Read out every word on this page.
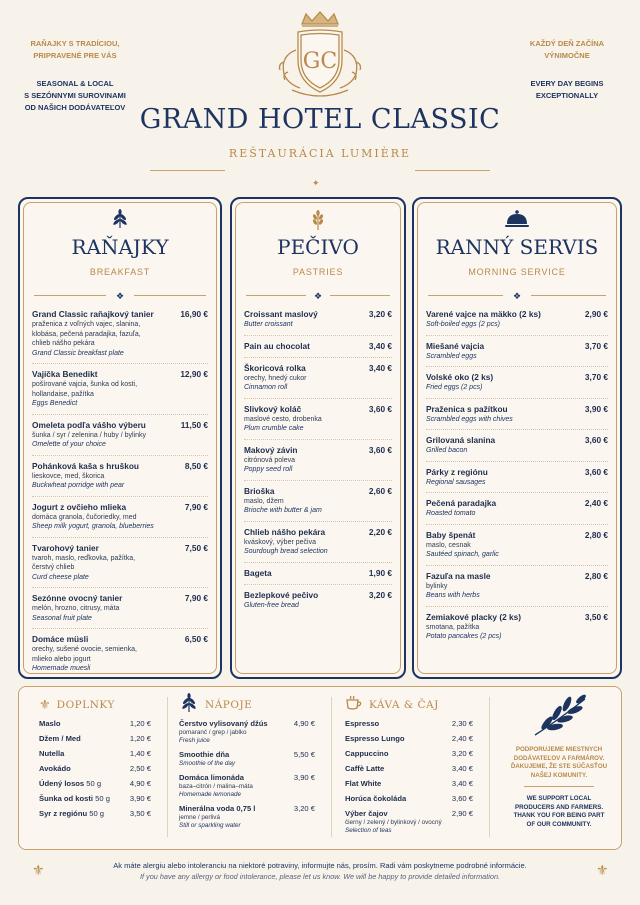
RAŇAJKY S TRADÍCIOU,
PRIPRAVENÉ PRE VÁS
SEASONAL & LOCAL
S SEZÓNNYMI SUROVINAMI
OD NAŠICH DODÁVATEĽOV
KAŽDÝ DEŇ ZAČÍNA
VÝNIMOČNE
EVERY DAY BEGINS
EXCEPTIONALLY
GC
GRAND HOTEL CLASSIC
REŠTAURÁCIA LUMIÈRE
✦
RAŇAJKY
BREAKFAST
❖
Grand Classic raňajkový tanier	16,90 €
praženica z voľných vajec, slanina,
klobása, pečená paradajka, fazuľa,
chlieb nášho pekára
Grand Classic breakfast plate
Vajíčka Benedikt	12,90 €
pošírované vajcia, šunka od kosti,
hollandaise, pažítka
Eggs Benedict
Omeleta podľa vášho výberu	11,50 €
šunka / syr / zelenina / huby / bylinky
Omelette of your choice
Pohánková kaša s hruškou	8,50 €
lieskovce, med, škorica
Buckwheat porridge with pear
Jogurt z ovčieho mlieka	7,90 €
domáca granola, čučoriedky, med
Sheep milk yogurt, granola, blueberries
Tvarohový tanier	7,50 €
tvaroh, maslo, reďkovka, pažítka,
čerstvý chlieb
Curd cheese plate
Sezónne ovocný tanier	7,90 €
melón, hrozno, citrusy, máta
Seasonal fruit plate
Domáce müsli	6,50 €
orechy, sušené ovocie, semienka,
mlieko alebo jogurt
Homemade muesli
PEČIVO
PASTRIES
❖
Croissant maslový	3,20 €
Butter croissant
Pain au chocolat	3,40 €
Škoricová rolka	3,40 €
orechy, hnedý cukor
Cinnamon roll
Slivkový koláč	3,60 €
maslové cesto, drobenka
Plum crumble cake
Makový závin	3,60 €
citrónová poleva
Poppy seed roll
Brioška	2,60 €
maslo, džem
Brioche with butter & jam
Chlieb nášho pekára	2,20 €
kváskový, výber pečiva
Sourdough bread selection
Bageta	1,90 €
Bezlepkové pečivo	3,20 €
Gluten-free bread
RANNÝ SERVIS
MORNING SERVICE
❖
Varené vajce na mäkko (2 ks)	2,90 €
Soft-boiled eggs (2 pcs)
Miešané vajcia	3,70 €
Scrambled eggs
Volské oko (2 ks)	3,70 €
Fried eggs (2 pcs)
Praženica s pažítkou	3,90 €
Scrambled eggs with chives
Grilovaná slanina	3,60 €
Grilled bacon
Párky z regiónu	3,60 €
Regional sausages
Pečená paradajka	2,40 €
Roasted tomato
Baby špenát	2,80 €
maslo, cesnak
Sautéed spinach, garlic
Fazuľa na masle	2,80 €
bylinky
Beans with herbs
Zemiakové placky (2 ks)	3,50 €
smotana, pažítka
Potato pancakes (2 pcs)
⚜ DOPLNKY
Maslo	1,20 €
Džem / Med	1,20 €
Nutella	1,40 €
Avokádo	2,50 €
Údený losos 50 g	4,90 €
Šunka od kosti 50 g	3,90 €
Syr z regiónu 50 g	3,50 €
NÁPOJE
Čerstvo vylisovaný džús	4,90 €
pomaranč / grep / jablko
Fresh juice
Smoothie dňa	5,50 €
Smoothie of the day
Domáca limonáda	3,90 €
baza–citrón / malina–máta
Homemade lemonade
Minerálna voda 0,75 l	3,20 €
jemne / perlivá
Still or sparkling water
KÁVA & ČAJ
Espresso	2,30 €
Espresso Lungo	2,40 €
Cappuccino	3,20 €
Caffè Latte	3,40 €
Flat White	3,40 €
Horúca čokoláda	3,60 €
Výber čajov	2,90 €
čierny / zelený / bylinkový / ovocný
Selection of teas
PODPORUJEME MIESTNYCH
DODÁVATEĽOV A FARMÁROV.
ĎAKUJEME, ŽE STE SÚČASŤOU
NAŠEJ KOMUNITY.
WE SUPPORT LOCAL
PRODUCERS AND FARMERS.
THANK YOU FOR BEING PART
OF OUR COMMUNITY.
⚜	Ak máte alergiu alebo intoleranciu na niektoré potraviny, informujte nás, prosím. Radi vám poskytneme podrobné informácie.
If you have any allergy or food intolerance, please let us know. We will be happy to provide detailed information.	⚜
